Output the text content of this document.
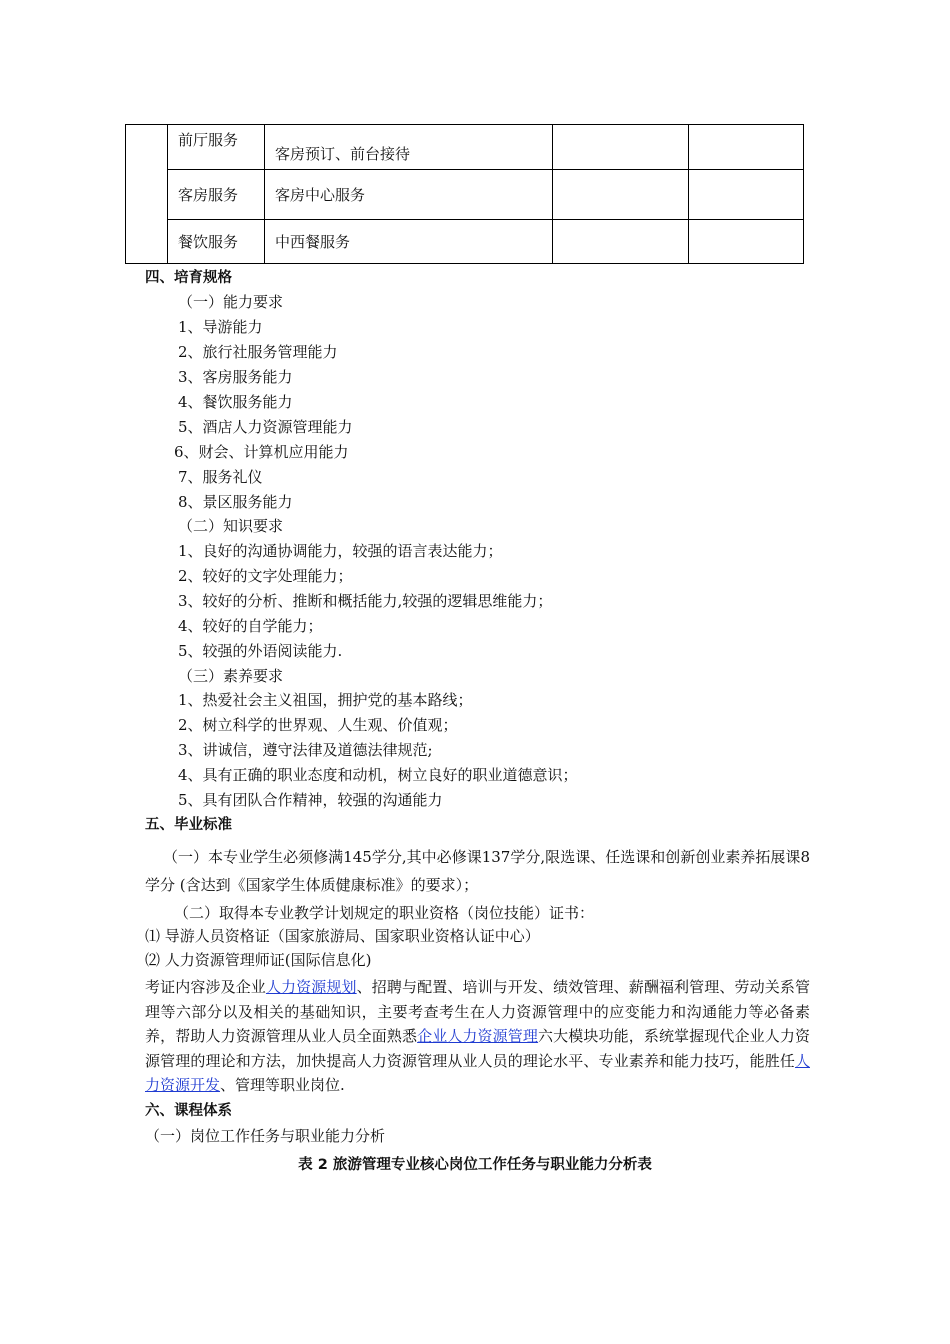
	前厅服务	客房预订、前台接待		
	客房服务	客房中心服务		
	餐饮服务	中西餐服务		
四、培育规格
（一）能力要求
1、导游能力
2、旅行社服务管理能力
3、客房服务能力
4、餐饮服务能力
5、酒店人力资源管理能力
6、财会、计算机应用能力
7、服务礼仪
8、景区服务能力
（二）知识要求
1、良好的沟通协调能力，较强的语言表达能力；
2、较好的文字处理能力；
3、较好的分析、推断和概括能力,较强的逻辑思维能力；
4、较好的自学能力；
5、较强的外语阅读能力.
（三）素养要求
1、热爱社会主义祖国，拥护党的基本路线；
2、树立科学的世界观、人生观、价值观；
3、讲诚信，遵守法律及道德法律规范;
4、具有正确的职业态度和动机，树立良好的职业道德意识；
5、具有团队合作精神，较强的沟通能力
五、毕业标准
（一）本专业学生必须修满145学分,其中必修课137学分,限选课、任选课和创新创业素养拓展课8学分 (含达到《国家学生体质健康标准》的要求）；
（二）取得本专业教学计划规定的职业资格（岗位技能）证书：
⑴ 导游人员资格证（国家旅游局、国家职业资格认证中心）
⑵ 人力资源管理师证(国际信息化)
考证内容涉及企业人力资源规划、招聘与配置、培训与开发、绩效管理、薪酬福利管理、劳动关系管理等六部分以及相关的基础知识，主要考查考生在人力资源管理中的应变能力和沟通能力等必备素养，帮助人力资源管理从业人员全面熟悉企业人力资源管理六大模块功能，系统掌握现代企业人力资源管理的理论和方法，加快提高人力资源管理从业人员的理论水平、专业素养和能力技巧，能胜任人力资源开发、管理等职业岗位.
六、课程体系
（一）岗位工作任务与职业能力分析
表 2 旅游管理专业核心岗位工作任务与职业能力分析表
